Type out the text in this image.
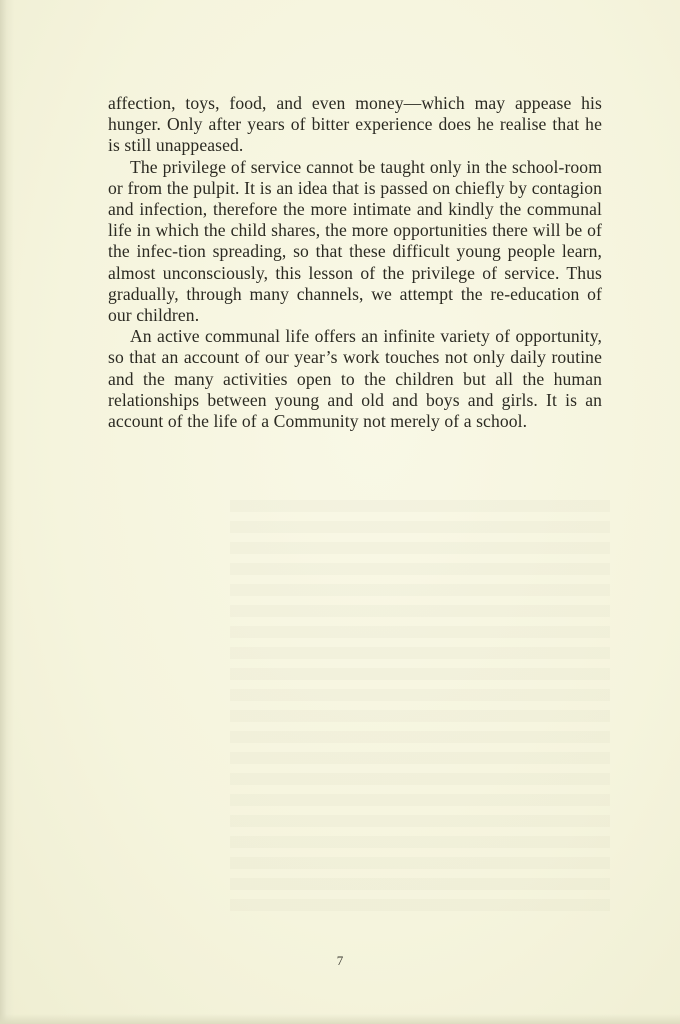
affection, toys, food, and even money—which may appease his hunger. Only after years of bitter experience does he realise that he is still unappeased.

The privilege of service cannot be taught only in the school‐room or from the pulpit. It is an idea that is passed on chiefly by contagion and infection, therefore the more intimate and kindly the communal life in which the child shares, the more opportunities there will be of the infec‐tion spreading, so that these difficult young people learn, almost unconsciously, this lesson of the privilege of service. Thus gradually, through many channels, we attempt the re‐education of our children.

An active communal life offers an infinite variety of opportunity, so that an account of our year’s work touches not only daily routine and the many activities open to the children but all the human relationships between young and old and boys and girls. It is an account of the life of a Community not merely of a school.

7
